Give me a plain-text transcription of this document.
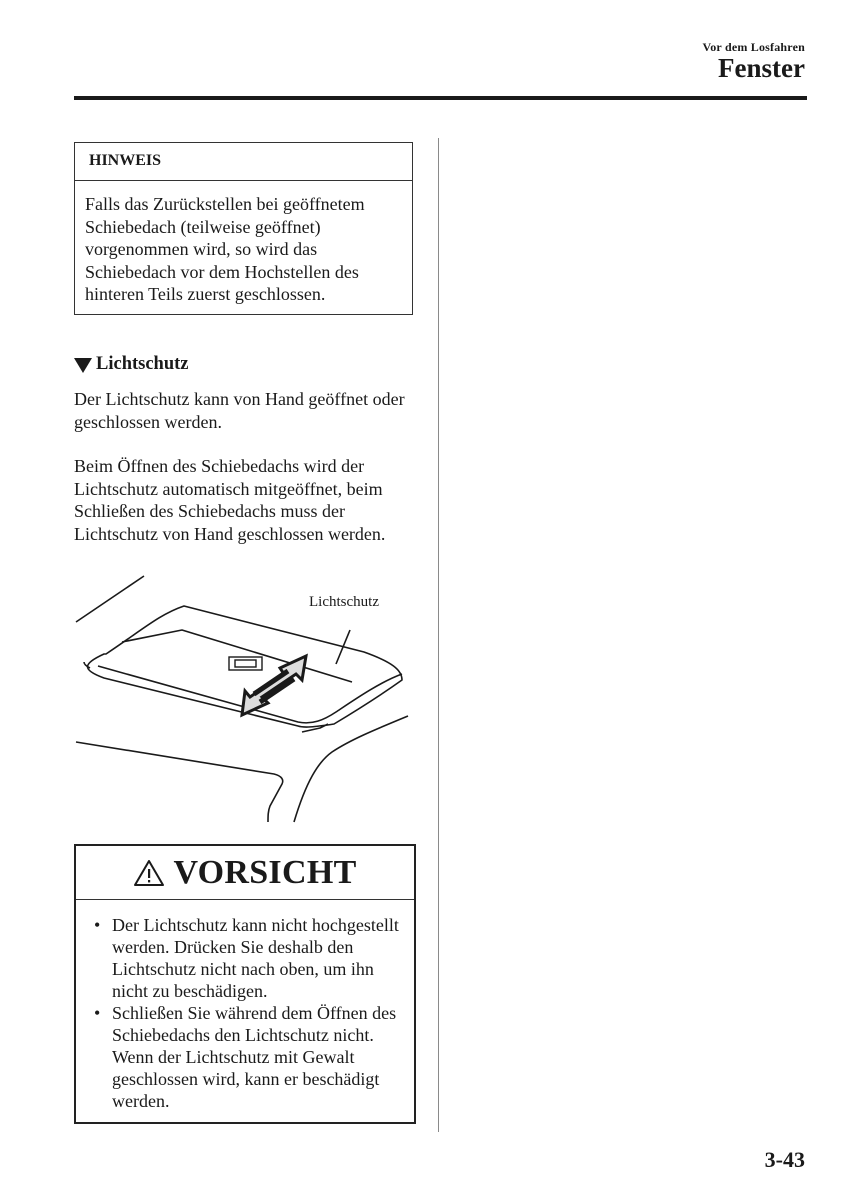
Vor dem Losfahren
Fenster
HINWEIS
Falls das Zurückstellen bei geöffnetem Schiebedach (teilweise geöffnet) vorgenommen wird, so wird das Schiebedach vor dem Hochstellen des hinteren Teils zuerst geschlossen.
Lichtschutz
Der Lichtschutz kann von Hand geöffnet oder geschlossen werden.
Beim Öffnen des Schiebedachs wird der Lichtschutz automatisch mitgeöffnet, beim Schließen des Schiebedachs muss der Lichtschutz von Hand geschlossen werden.
Lichtschutz
VORSICHT
• Der Lichtschutz kann nicht hochgestellt werden. Drücken Sie deshalb den Lichtschutz nicht nach oben, um ihn nicht zu beschädigen.
• Schließen Sie während dem Öffnen des Schiebedachs den Lichtschutz nicht. Wenn der Lichtschutz mit Gewalt geschlossen wird, kann er beschädigt werden.
3-43
